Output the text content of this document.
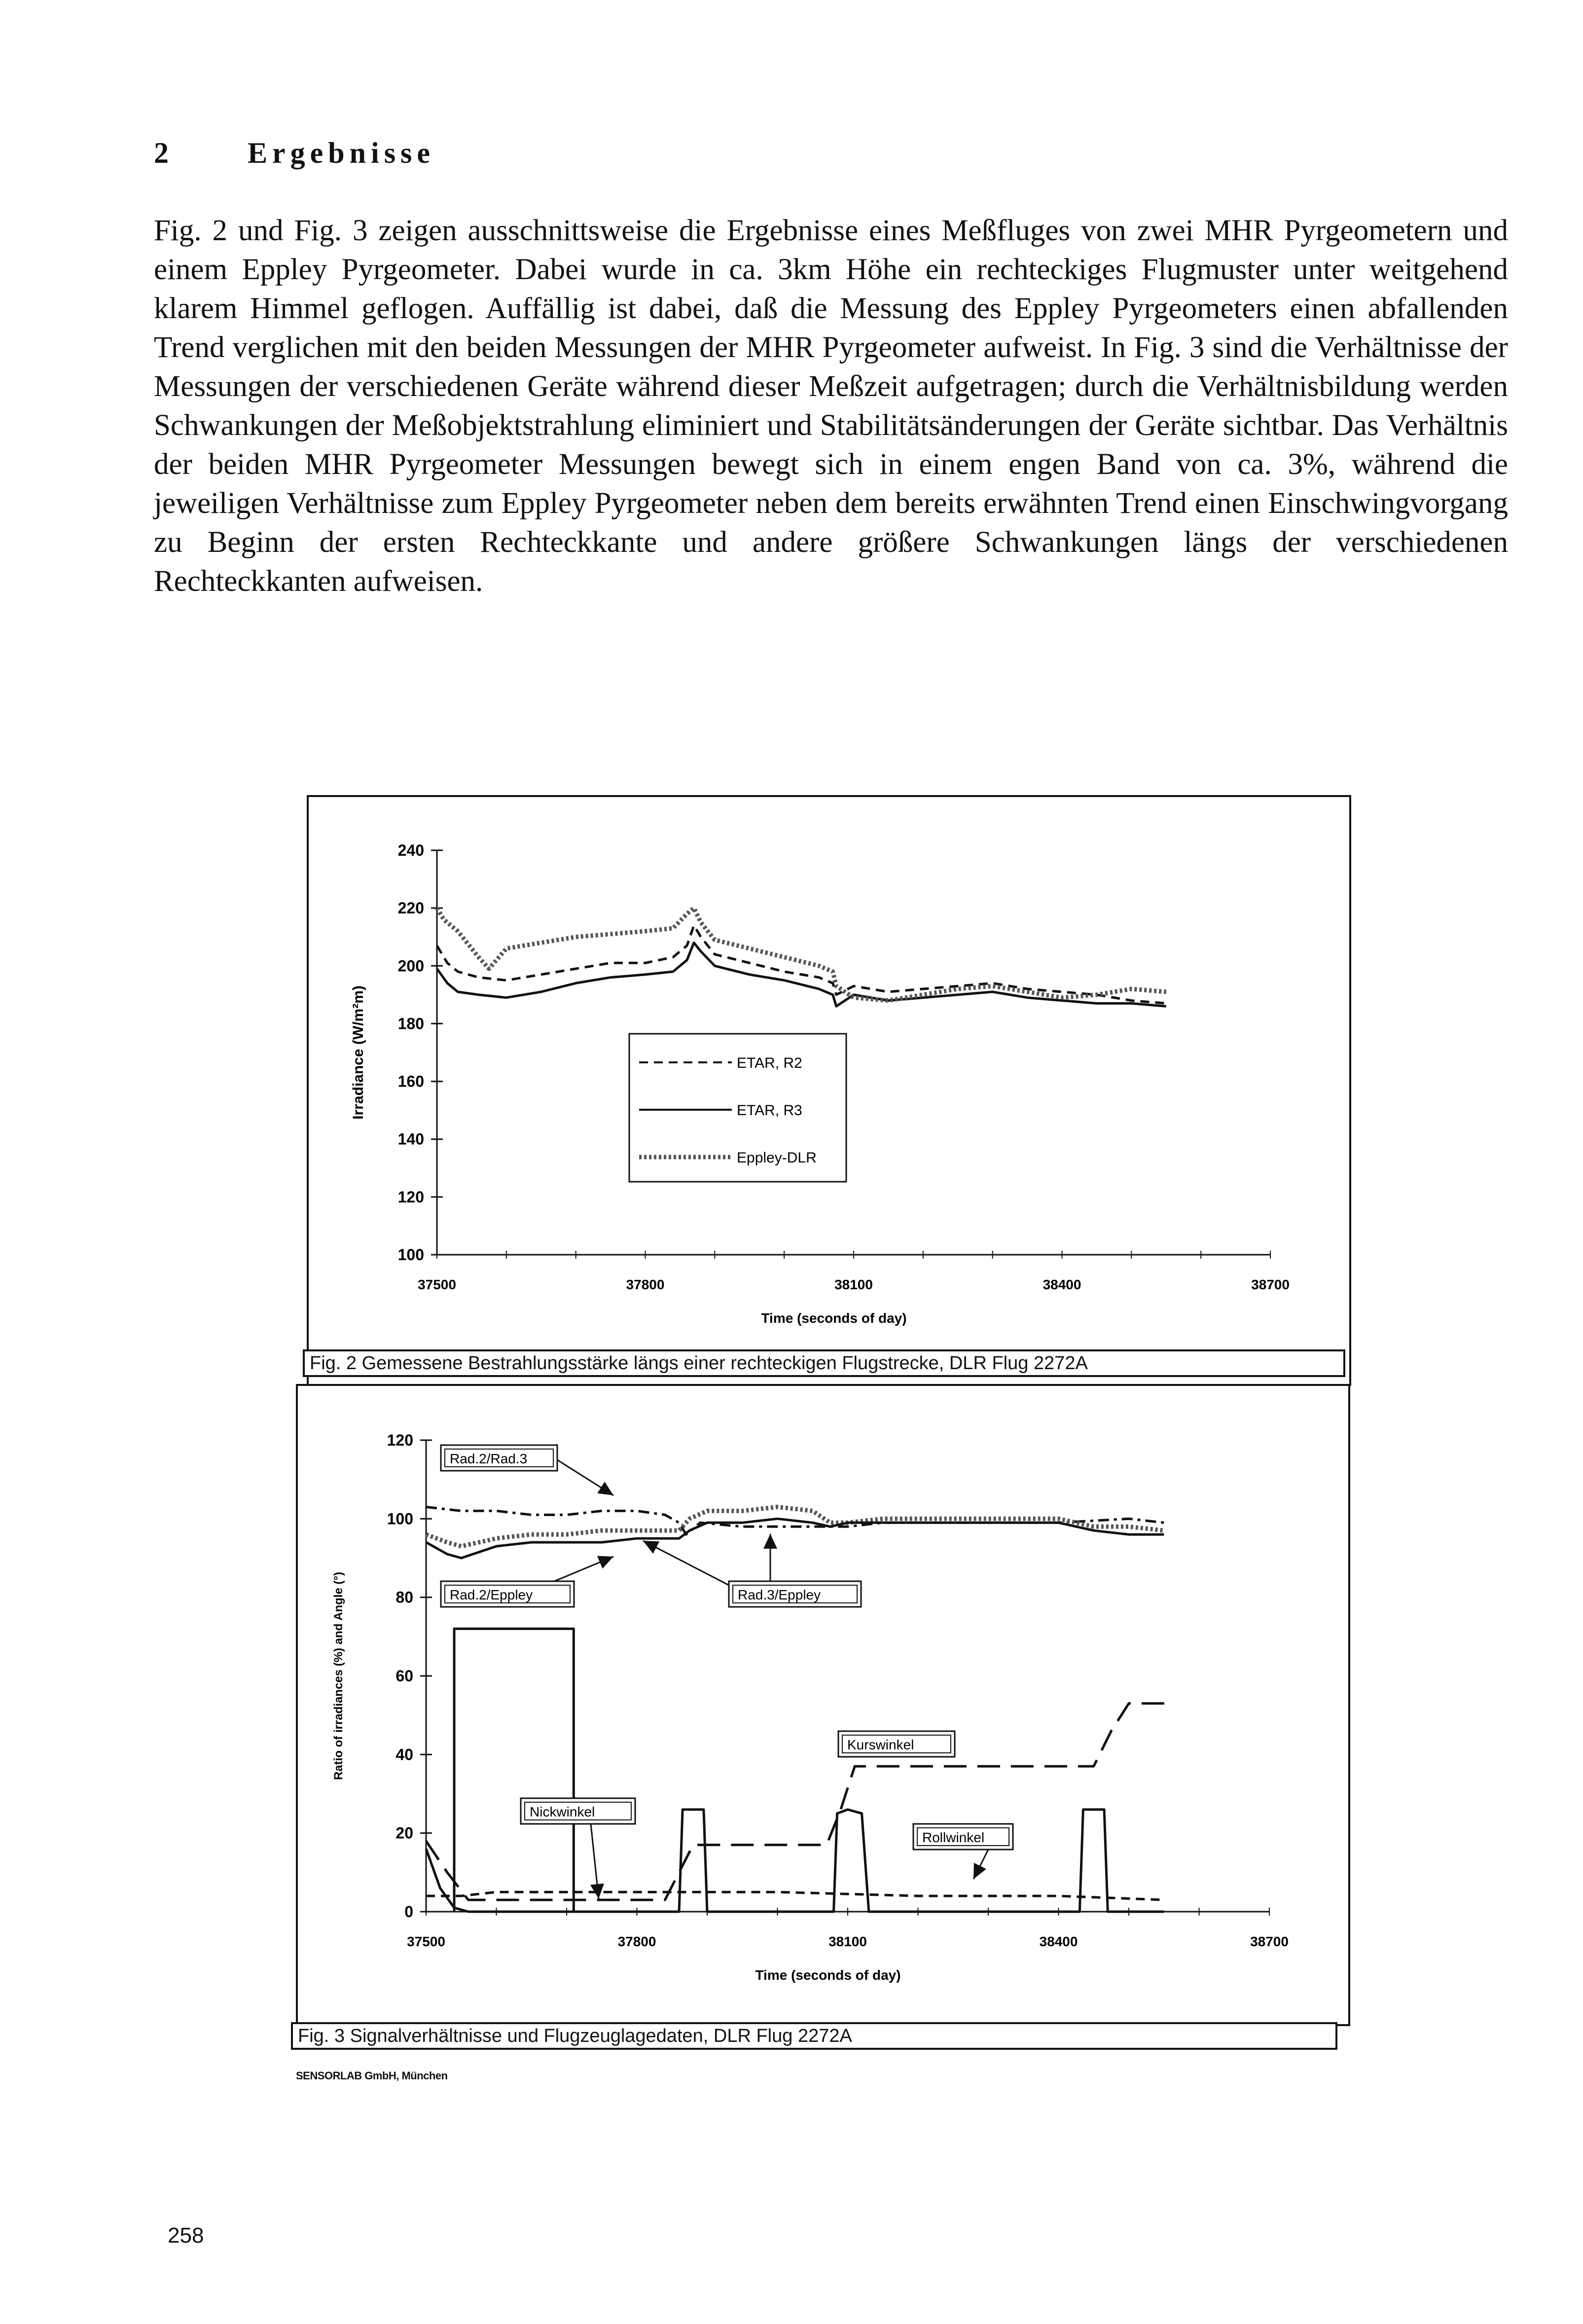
2	Ergebnisse
Fig. 2 und Fig. 3 zeigen ausschnittsweise die Ergebnisse eines Meßfluges von zwei MHR Pyrgeometern und einem Eppley Pyrgeometer. Dabei wurde in ca. 3km Höhe ein rechteckiges Flugmuster unter weitgehend klarem Himmel geflogen. Auffällig ist dabei, daß die Messung des Eppley Pyrgeometers einen abfallenden Trend verglichen mit den beiden Messungen der MHR Pyrgeometer aufweist. In Fig. 3 sind die Verhältnisse der Messungen der verschiedenen Geräte während dieser Meßzeit aufgetragen; durch die Verhältnisbildung werden Schwankungen der Meßobjektstrahlung eliminiert und Stabilitätsänderungen der Geräte sichtbar. Das Verhältnis der beiden MHR Pyrgeometer Messungen bewegt sich in einem engen Band von ca. 3%, während die jeweiligen Verhältnisse zum Eppley Pyrgeometer neben dem bereits erwähnten Trend einen Einschwingvorgang zu Beginn der ersten Rechteckkante und andere größere Schwankungen längs der verschiedenen Rechteckkanten aufweisen.
100
120
140
160
180
200
220
240
37500	37800	38100	38400	38700
Time (seconds of day)
Irradiance (W/m²m)	ETAR, R2
ETAR, R3
Eppley-DLR
Fig. 2 Gemessene Bestrahlungsstärke längs einer rechteckigen Flugstrecke, DLR Flug 2272A
0
20
40
60
80
100
120
37500	37800	38100	38400	38700
Time (seconds of day)
Ratio of irradiances (%) and Angle (°)
Rad.2/Rad.3
Rad.2/Eppley	Rad.3/Eppley
Kurswinkel
Nickwinkel
Rollwinkel
Fig. 3 Signalverhältnisse und Flugzeuglagedaten, DLR Flug 2272A
SENSORLAB GmbH, München
258
